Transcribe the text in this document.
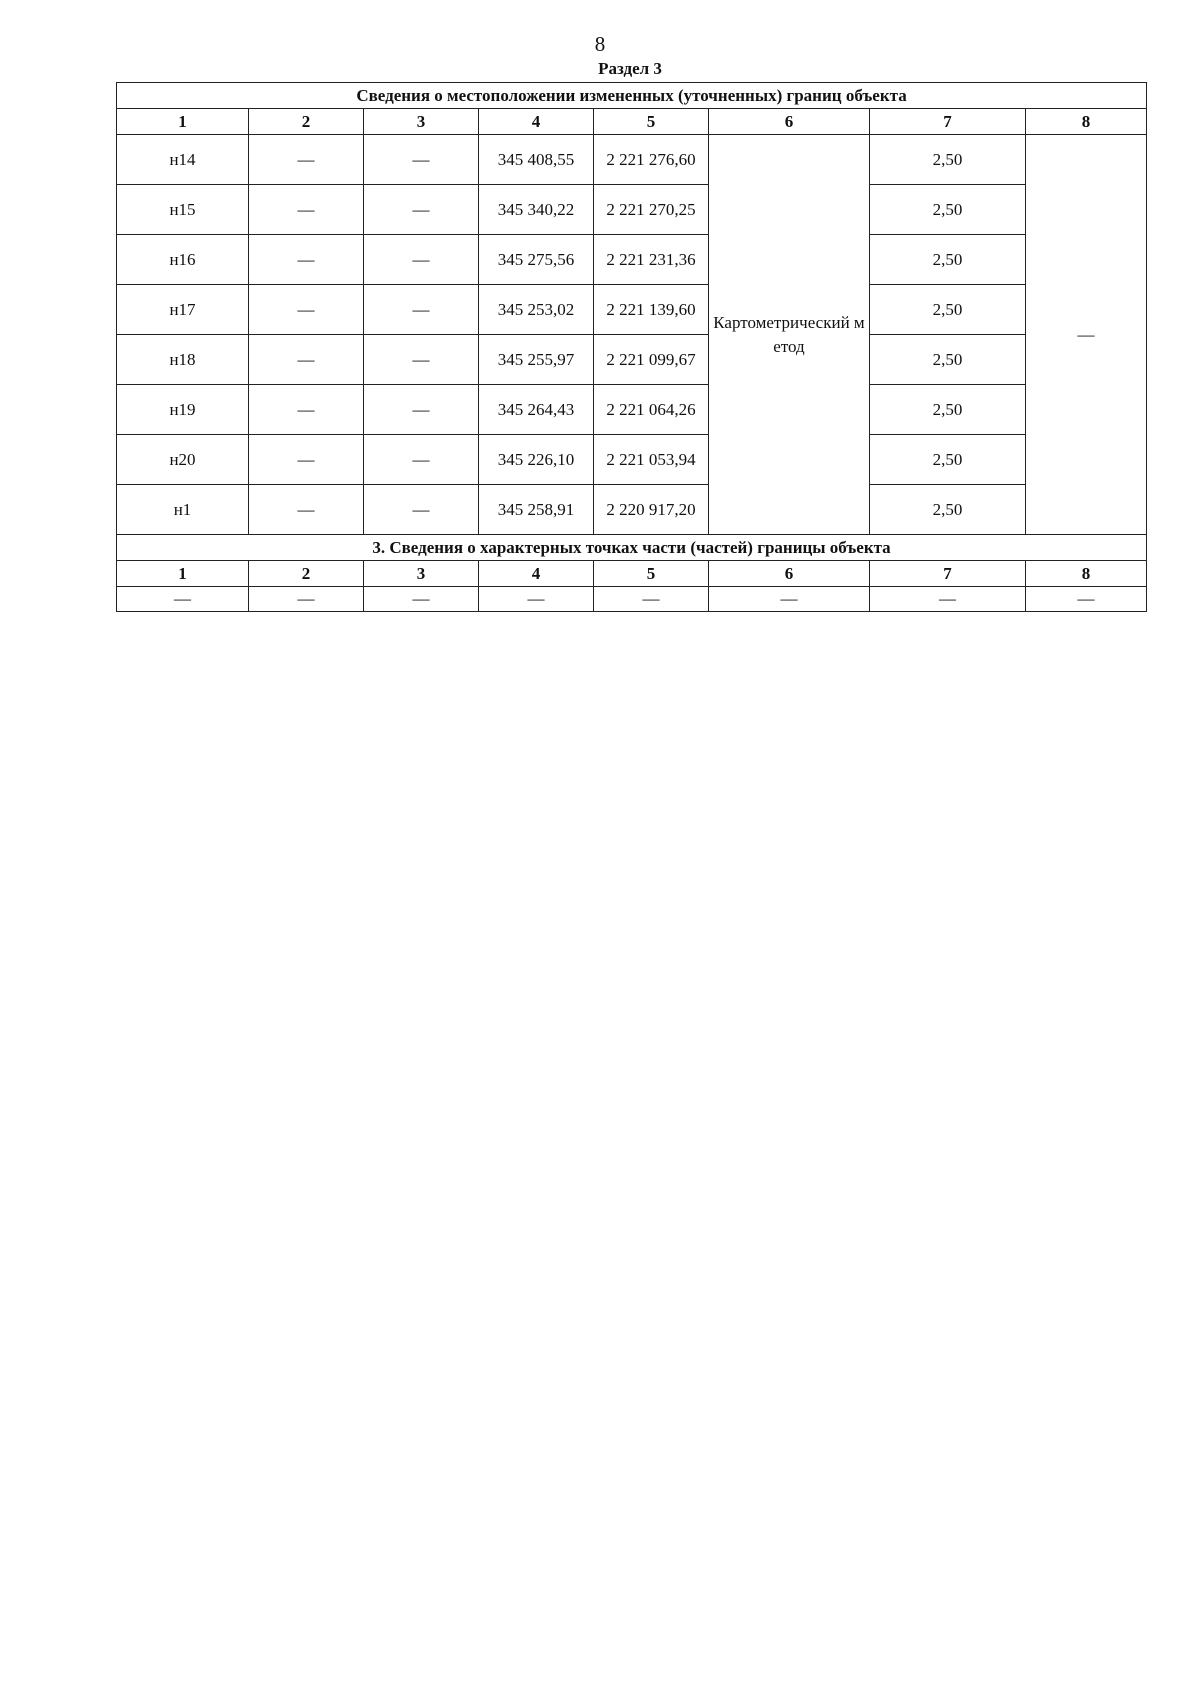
8
Раздел 3
Сведения о местоположении измененных (уточненных) границ объекта							
1	2	3	4	5	6	7	8
н14	—	—	345 408,55	2 221 276,60	Картометрический метод	2,50	—
н15	—	—	345 340,22	2 221 270,25		2,50	
н16	—	—	345 275,56	2 221 231,36		2,50	
н17	—	—	345 253,02	2 221 139,60		2,50	
н18	—	—	345 255,97	2 221 099,67		2,50	
н19	—	—	345 264,43	2 221 064,26		2,50	
н20	—	—	345 226,10	2 221 053,94		2,50	
н1	—	—	345 258,91	2 220 917,20		2,50	
3. Сведения о характерных точках части (частей) границы объекта							
1	2	3	4	5	6	7	8
—	—	—	—	—	—	—	—
